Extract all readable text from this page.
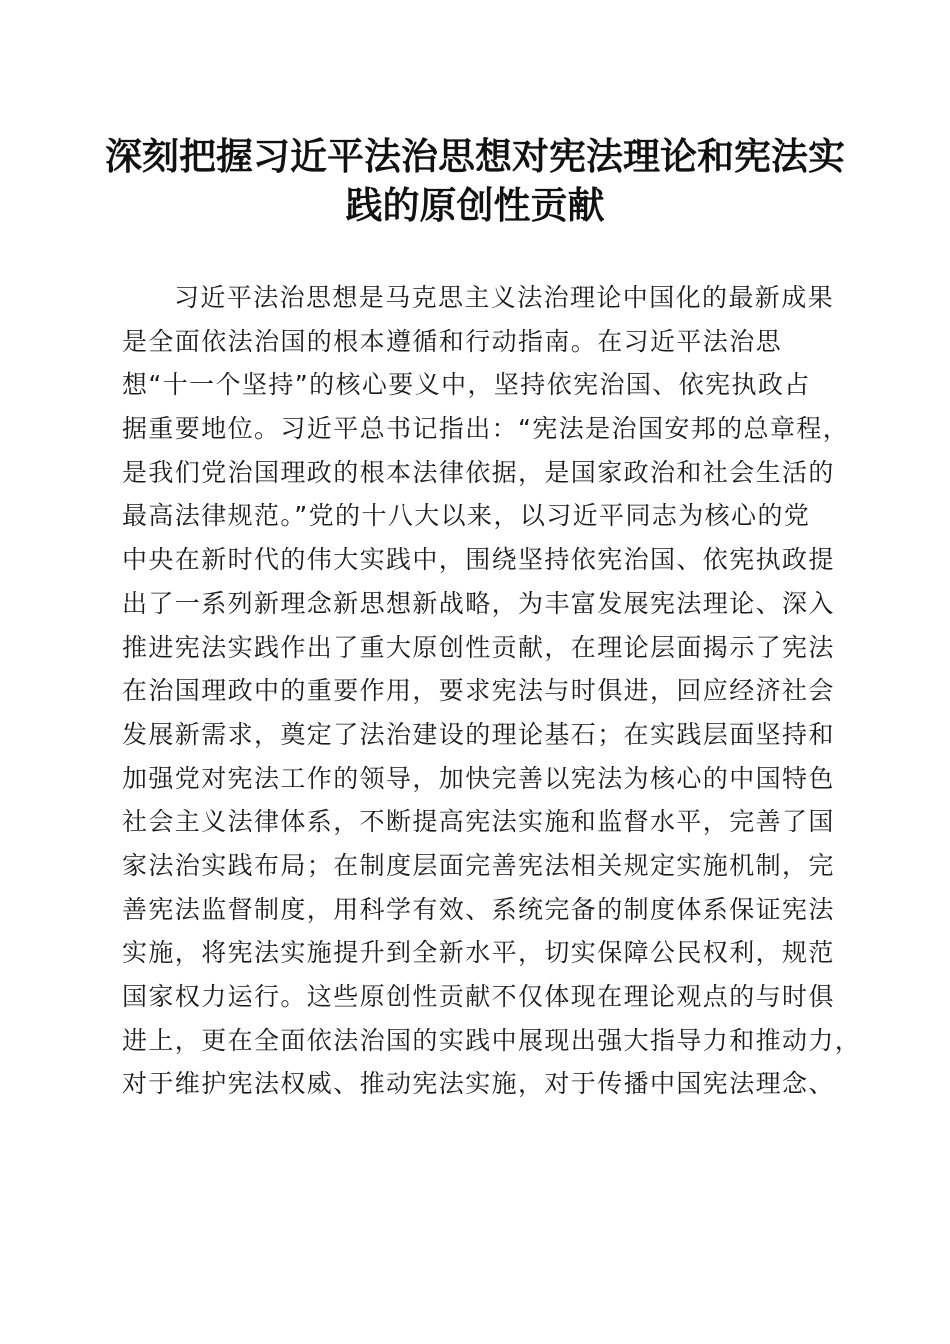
深刻把握习近平法治思想对宪法理论和宪法实
践的原创性贡献
习近平法治思想是马克思主义法治理论中国化的最新成果
是全面依法治国的根本遵循和行动指南。在习近平法治思
想“十一个坚持”的核心要义中，坚持依宪治国、依宪执政占
据重要地位。习近平总书记指出：“宪法是治国安邦的总章程，
是我们党治国理政的根本法律依据，是国家政治和社会生活的
最高法律规范。”党的十八大以来，以习近平同志为核心的党
中央在新时代的伟大实践中，围绕坚持依宪治国、依宪执政提
出了一系列新理念新思想新战略，为丰富发展宪法理论、深入
推进宪法实践作出了重大原创性贡献，在理论层面揭示了宪法
在治国理政中的重要作用，要求宪法与时俱进，回应经济社会
发展新需求，奠定了法治建设的理论基石；在实践层面坚持和
加强党对宪法工作的领导，加快完善以宪法为核心的中国特色
社会主义法律体系，不断提高宪法实施和监督水平，完善了国
家法治实践布局；在制度层面完善宪法相关规定实施机制，完
善宪法监督制度，用科学有效、系统完备的制度体系保证宪法
实施，将宪法实施提升到全新水平，切实保障公民权利，规范
国家权力运行。这些原创性贡献不仅体现在理论观点的与时俱
进上，更在全面依法治国的实践中展现出强大指导力和推动力，
对于维护宪法权威、推动宪法实施，对于传播中国宪法理念、
